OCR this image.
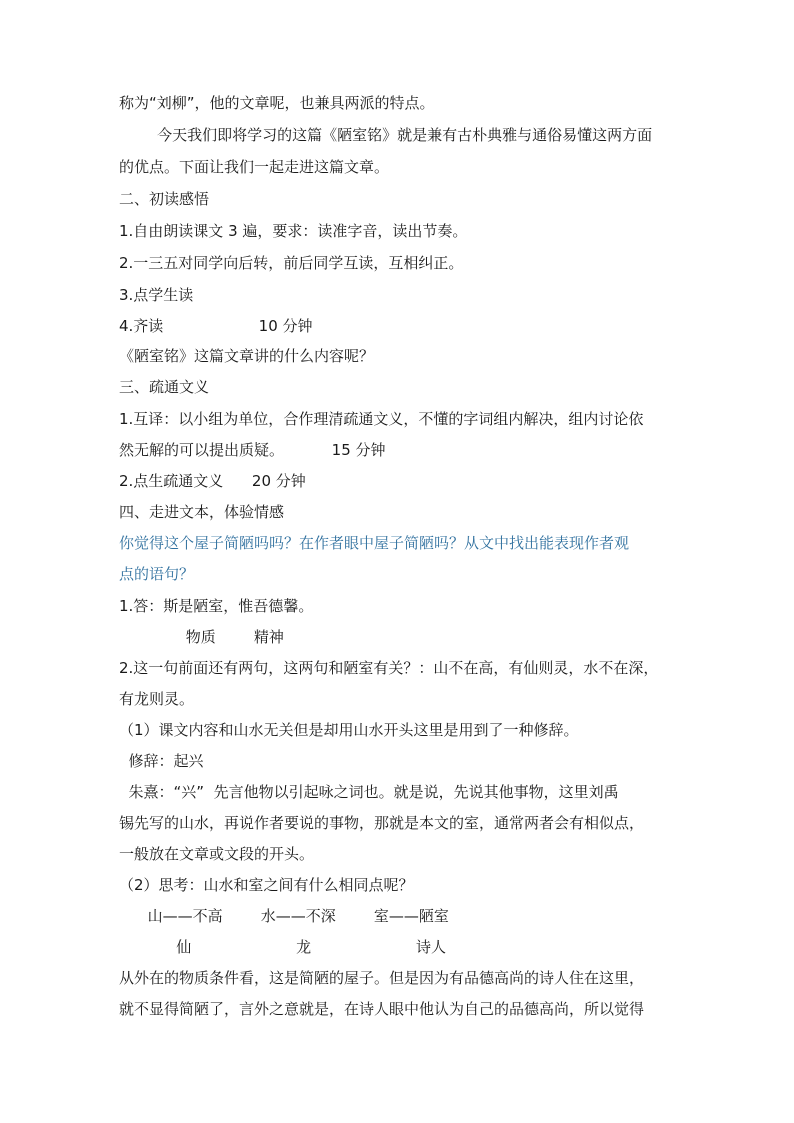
称为“刘柳”，他的文章呢，也兼具两派的特点。
今天我们即将学习的这篇《陋室铭》就是兼有古朴典雅与通俗易懂这两方面
的优点。下面让我们一起走进这篇文章。
二、初读感悟
1.自由朗读课文 3 遍，要求：读准字音，读出节奏。
2.一三五对同学向后转，前后同学互读，互相纠正。
3.点学生读
4.齐读                    10 分钟
《陋室铭》这篇文章讲的什么内容呢？
三、疏通文义
1.互译：以小组为单位，合作理清疏通文义，不懂的字词组内解决，组内讨论依
然无解的可以提出质疑。          15 分钟
2.点生疏通文义      20 分钟
四、走进文本，体验情感
你觉得这个屋子简陋吗吗？在作者眼中屋子简陋吗？从文中找出能表现作者观
点的语句？
1.答：斯是陋室，惟吾德馨。
物质        精神
2.这一句前面还有两句，这两句和陋室有关？：山不在高，有仙则灵，水不在深，
有龙则灵。
（1）课文内容和山水无关但是却用山水开头这里是用到了一种修辞。
修辞：起兴
朱熹：“兴”  先言他物以引起咏之词也。就是说，先说其他事物，这里刘禹
锡先写的山水，再说作者要说的事物，那就是本文的室，通常两者会有相似点，
一般放在文章或文段的开头。
（2）思考：山水和室之间有什么相同点呢？
山——不高        水——不深        室——陋室
仙                      龙                      诗人
从外在的物质条件看，这是简陋的屋子。但是因为有品德高尚的诗人住在这里，
就不显得简陋了，言外之意就是，在诗人眼中他认为自己的品德高尚，所以觉得
